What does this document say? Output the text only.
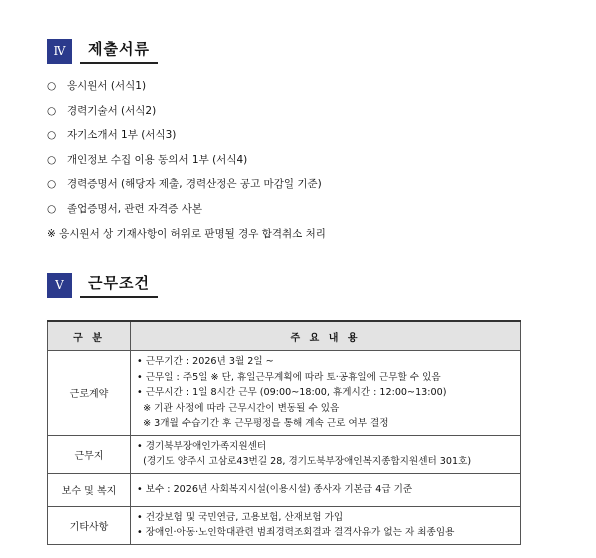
Ⅳ	제출서류
○	응시원서 (서식1)
○	경력기술서 (서식2)
○	자기소개서 1부 (서식3)
○	개인정보 수집 이용 동의서 1부 (서식4)
○	경력증명서 (해당자 제출, 경력산정은 공고 마감일 기준)
○	졸업증명서, 관련 자격증 사본
※ 응시원서 상 기재사항이 허위로 판명될 경우 합격취소 처리
Ⅴ	근무조건
구 분	주 요 내 용
근로계약	• 근무기간 : 2026년 3월 2일 ~
• 근무일 : 주5일 ※ 단, 휴일근무계획에 따라 토·공휴일에 근무할 수 있음
• 근무시간 : 1일 8시간 근무 (09:00~18:00, 휴게시간 : 12:00~13:00)
※ 기관 사정에 따라 근무시간이 변동될 수 있음
※ 3개월 수습기간 후 근무평정을 통해 계속 근로 여부 결정

근무지	• 경기북부장애인가족지원센터
(경기도 양주시 고삼로43번길 28, 경기도북부장애인복지종합지원센터 301호)

보수 및 복지	• 보수 : 2026년 사회복지시설(이용시설) 종사자 기본급 4급 기준

기타사항	• 건강보험 및 국민연금, 고용보험, 산재보험 가입
• 장애인·아동·노인학대관련 범죄경력조회결과 결격사유가 없는 자 최종임용
